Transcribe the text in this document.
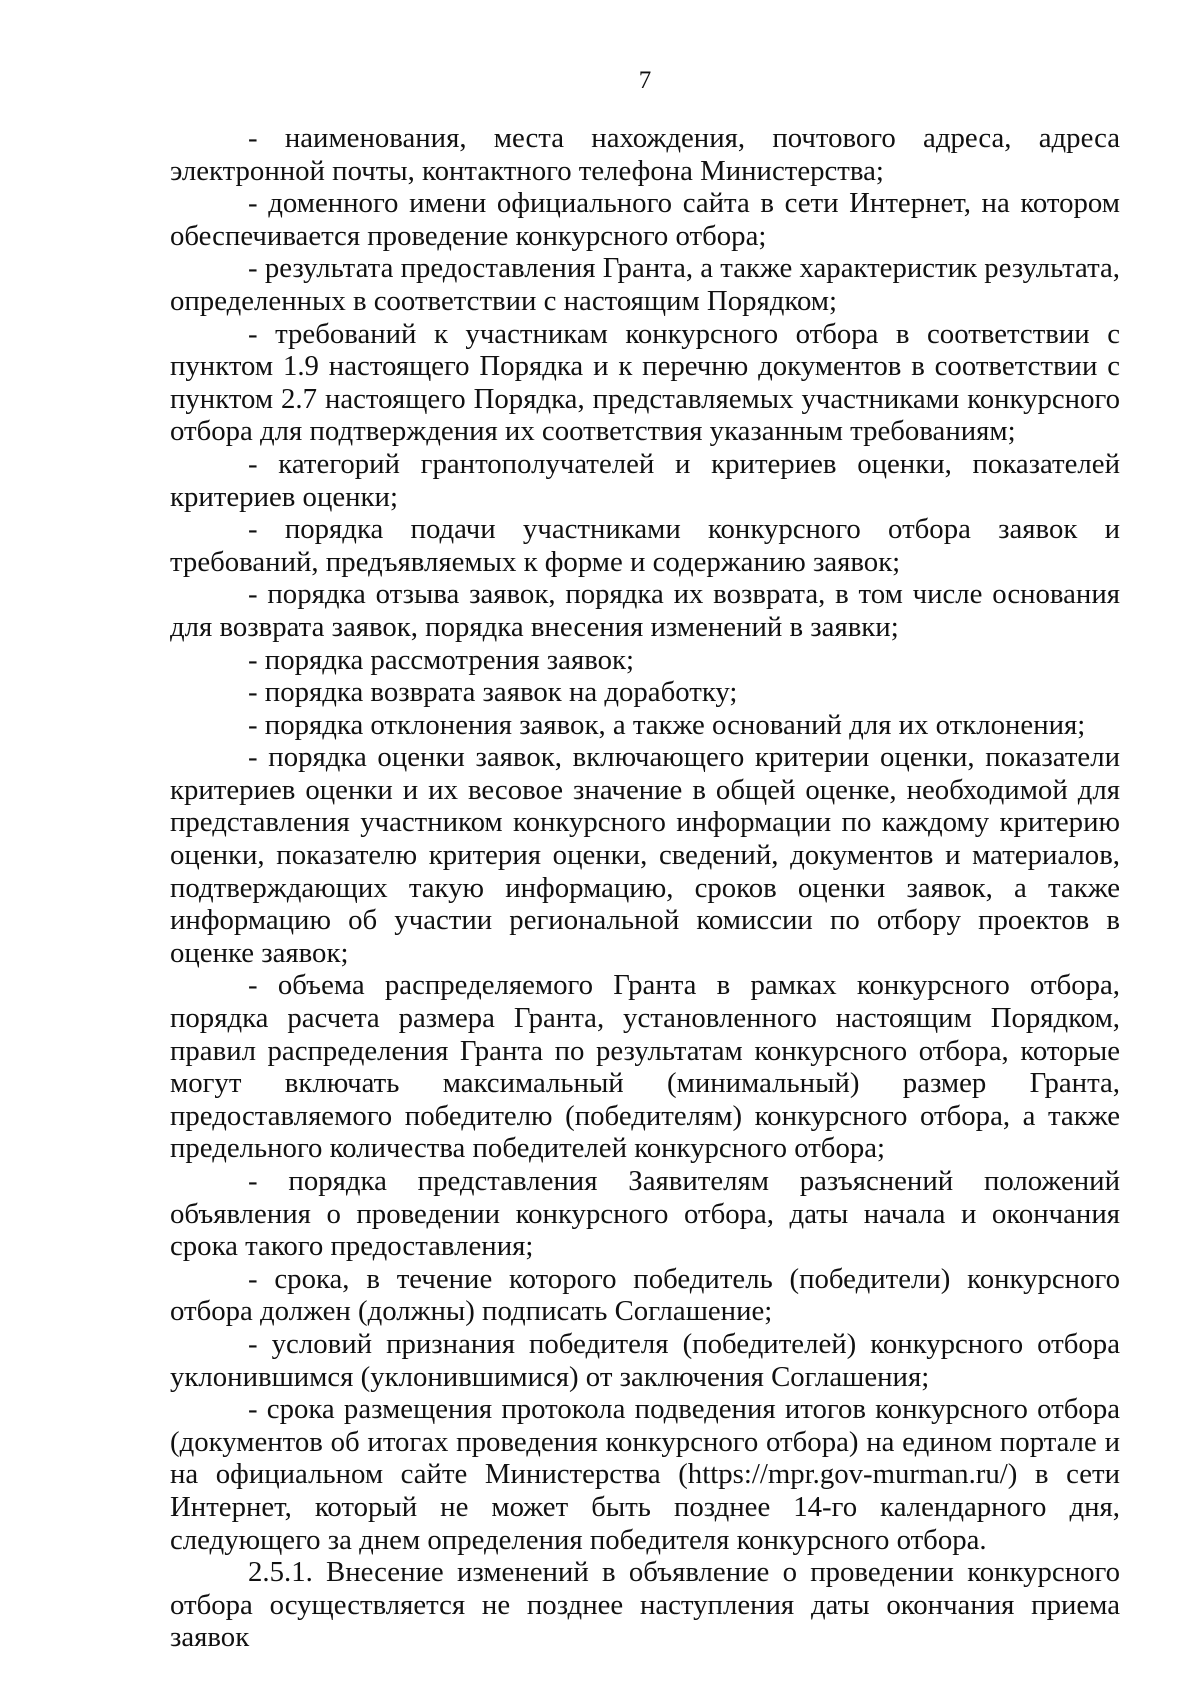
7

- наименования, места нахождения, почтового адреса, адреса электронной почты, контактного телефона Министерства;

- доменного имени официального сайта в сети Интернет, на котором обеспечивается проведение конкурсного отбора;

- результата предоставления Гранта, а также характеристик результата, определенных в соответствии с настоящим Порядком;

- требований к участникам конкурсного отбора в соответствии с пунктом 1.9 настоящего Порядка и к перечню документов в соответствии с пунктом 2.7 настоящего Порядка, представляемых участниками конкурсного отбора для подтверждения их соответствия указанным требованиям;

- категорий грантополучателей и критериев оценки, показателей критериев оценки;

- порядка подачи участниками конкурсного отбора заявок и требований, предъявляемых к форме и содержанию заявок;

- порядка отзыва заявок, порядка их возврата, в том числе основания для возврата заявок, порядка внесения изменений в заявки;

- порядка рассмотрения заявок;

- порядка возврата заявок на доработку;

- порядка отклонения заявок, а также оснований для их отклонения;

- порядка оценки заявок, включающего критерии оценки, показатели критериев оценки и их весовое значение в общей оценке, необходимой для представления участником конкурсного информации по каждому критерию оценки, показателю критерия оценки, сведений, документов и материалов, подтверждающих такую информацию, сроков оценки заявок, а также информацию об участии региональной комиссии по отбору проектов в оценке заявок;

- объема распределяемого Гранта в рамках конкурсного отбора, порядка расчета размера Гранта, установленного настоящим Порядком, правил распределения Гранта по результатам конкурсного отбора, которые могут включать максимальный (минимальный) размер Гранта, предоставляемого победителю (победителям) конкурсного отбора, а также предельного количества победителей конкурсного отбора;

- порядка представления Заявителям разъяснений положений объявления о проведении конкурсного отбора, даты начала и окончания срока такого предоставления;

- срока, в течение которого победитель (победители) конкурсного отбора должен (должны) подписать Соглашение;

- условий признания победителя (победителей) конкурсного отбора уклонившимся (уклонившимися) от заключения Соглашения;

- срока размещения протокола подведения итогов конкурсного отбора (документов об итогах проведения конкурсного отбора) на едином портале и на официальном сайте Министерства (https://mpr.gov-murman.ru/) в сети Интернет, который не может быть позднее 14-го календарного дня, следующего за днем определения победителя конкурсного отбора.

2.5.1. Внесение изменений в объявление о проведении конкурсного отбора осуществляется не позднее наступления даты окончания приема заявок
